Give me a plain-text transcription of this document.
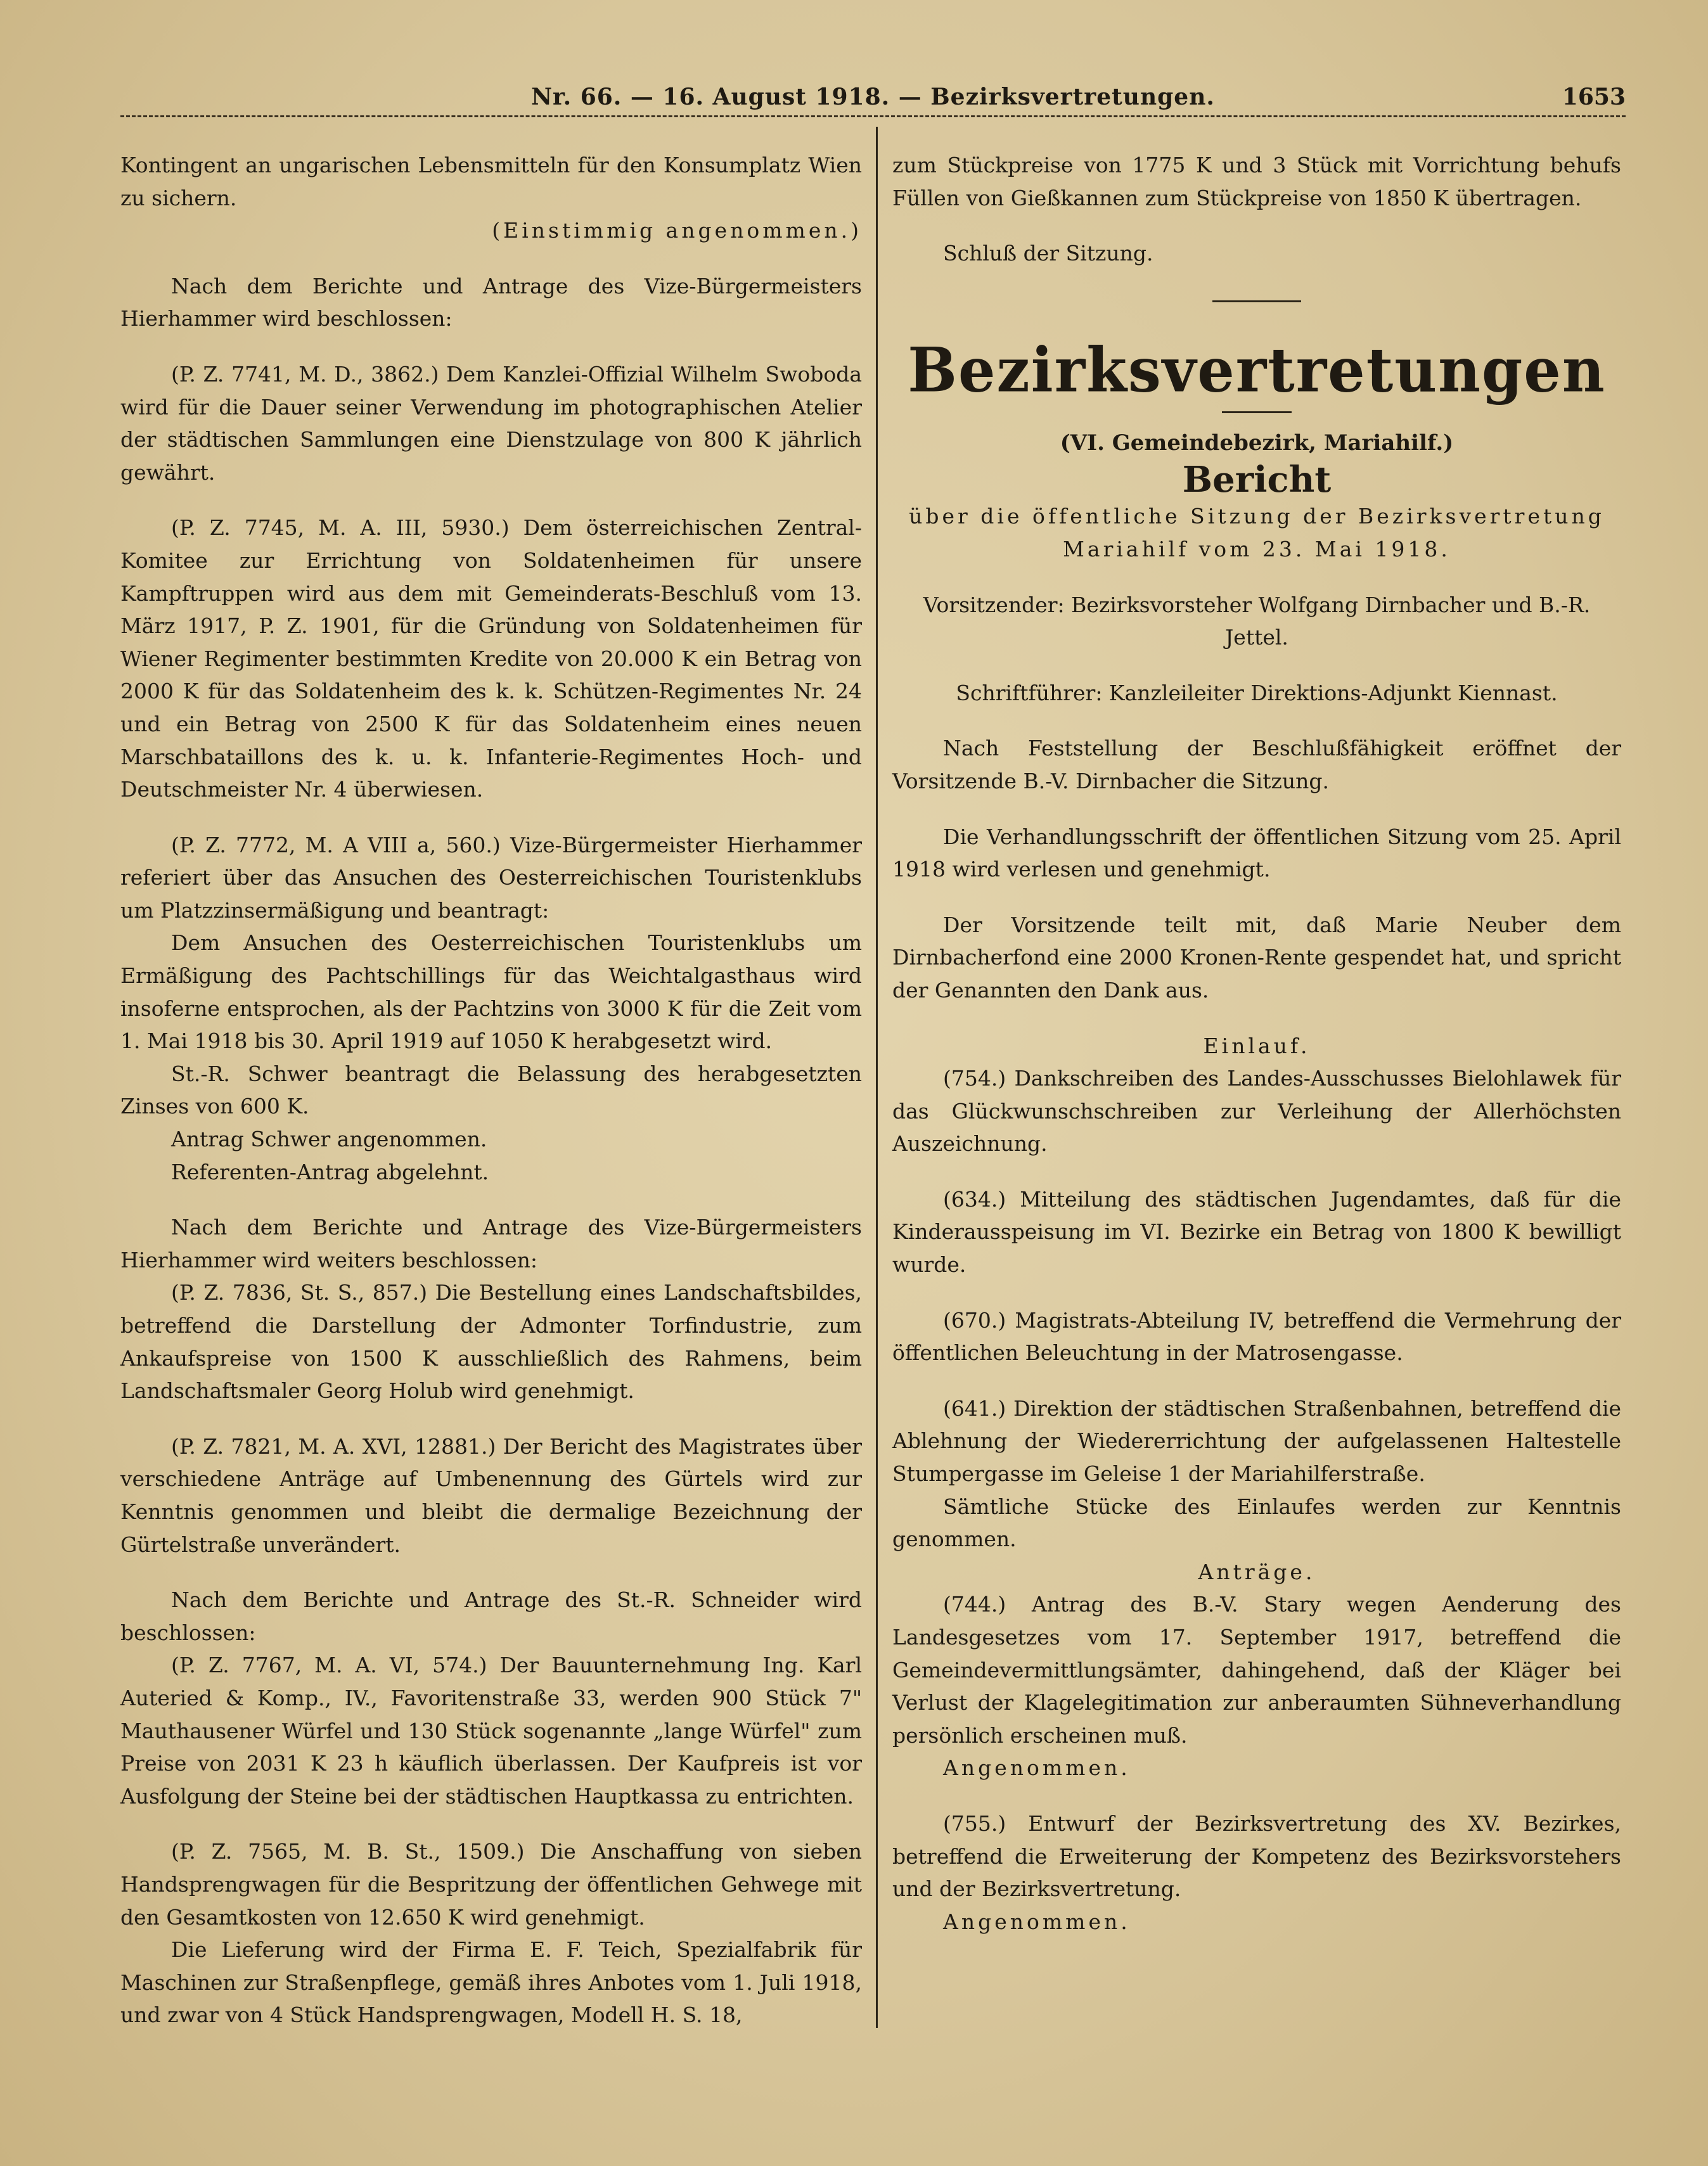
Nr. 66. — 16. August 1918. — Bezirksvertretungen.	1653

Kontingent an ungarischen Lebensmitteln für den Konsumplatz Wien zu sichern.

(Einstimmig angenommen.)

Nach dem Berichte und Antrage des Vize-Bürgermeisters Hierhammer wird beschlossen:

(P. Z. 7741, M. D., 3862.) Dem Kanzlei-Offizial Wilhelm Swoboda wird für die Dauer seiner Verwendung im photographischen Atelier der städtischen Sammlungen eine Dienstzulage von 800 K jährlich gewährt.

(P. Z. 7745, M. A. III, 5930.) Dem österreichischen Zentral-Komitee zur Errichtung von Soldatenheimen für unsere Kampftruppen wird aus dem mit Gemeinderats-Beschluß vom 13. März 1917, P. Z. 1901, für die Gründung von Soldatenheimen für Wiener Regimenter bestimmten Kredite von 20.000 K ein Betrag von 2000 K für das Soldatenheim des k. k. Schützen-Regimentes Nr. 24 und ein Betrag von 2500 K für das Soldatenheim eines neuen Marschbataillons des k. u. k. Infanterie-Regimentes Hoch- und Deutschmeister Nr. 4 überwiesen.

(P. Z. 7772, M. A VIII a, 560.) Vize-Bürgermeister Hierhammer referiert über das Ansuchen des Oesterreichischen Touristenklubs um Platzzinsermäßigung und beantragt:

Dem Ansuchen des Oesterreichischen Touristenklubs um Ermäßigung des Pachtschillings für das Weichtalgasthaus wird insoferne entsprochen, als der Pachtzins von 3000 K für die Zeit vom 1. Mai 1918 bis 30. April 1919 auf 1050 K herabgesetzt wird.

St.-R. Schwer beantragt die Belassung des herabgesetzten Zinses von 600 K.

Antrag Schwer angenommen.

Referenten-Antrag abgelehnt.

Nach dem Berichte und Antrage des Vize-Bürgermeisters Hierhammer wird weiters beschlossen:

(P. Z. 7836, St. S., 857.) Die Bestellung eines Landschaftsbildes, betreffend die Darstellung der Admonter Torfindustrie, zum Ankaufspreise von 1500 K ausschließlich des Rahmens, beim Landschaftsmaler Georg Holub wird genehmigt.

(P. Z. 7821, M. A. XVI, 12881.) Der Bericht des Magistrates über verschiedene Anträge auf Umbenennung des Gürtels wird zur Kenntnis genommen und bleibt die dermalige Bezeichnung der Gürtelstraße unverändert.

Nach dem Berichte und Antrage des St.-R. Schneider wird beschlossen:

(P. Z. 7767, M. A. VI, 574.) Der Bauunternehmung Ing. Karl Auteried & Komp., IV., Favoritenstraße 33, werden 900 Stück 7" Mauthausener Würfel und 130 Stück sogenannte „lange Würfel" zum Preise von 2031 K 23 h käuflich überlassen. Der Kaufpreis ist vor Ausfolgung der Steine bei der städtischen Hauptkassa zu entrichten.

(P. Z. 7565, M. B. St., 1509.) Die Anschaffung von sieben Handsprengwagen für die Bespritzung der öffentlichen Gehwege mit den Gesamtkosten von 12.650 K wird genehmigt.

Die Lieferung wird der Firma E. F. Teich, Spezialfabrik für Maschinen zur Straßenpflege, gemäß ihres Anbotes vom 1. Juli 1918, und zwar von 4 Stück Handsprengwagen, Modell H. S. 18,

zum Stückpreise von 1775 K und 3 Stück mit Vorrichtung behufs Füllen von Gießkannen zum Stückpreise von 1850 K übertragen.

Schluß der Sitzung.

Bezirksvertretungen
(VI. Gemeindebezirk, Mariahilf.)
Bericht

über die öffentliche Sitzung der Bezirksvertretung Mariahilf vom 23. Mai 1918.

Vorsitzender: Bezirksvorsteher Wolfgang Dirnbacher und B.-R. Jettel.

Schriftführer: Kanzleileiter Direktions-Adjunkt Kiennast.

Nach Feststellung der Beschlußfähigkeit eröffnet der Vorsitzende B.-V. Dirnbacher die Sitzung.

Die Verhandlungsschrift der öffentlichen Sitzung vom 25. April 1918 wird verlesen und genehmigt.

Der Vorsitzende teilt mit, daß Marie Neuber dem Dirnbacherfond eine 2000 Kronen-Rente gespendet hat, und spricht der Genannten den Dank aus.

Einlauf.

(754.) Dankschreiben des Landes-Ausschusses Bielohlawek für das Glückwunschschreiben zur Verleihung der Allerhöchsten Auszeichnung.

(634.) Mitteilung des städtischen Jugendamtes, daß für die Kinderausspeisung im VI. Bezirke ein Betrag von 1800 K bewilligt wurde.

(670.) Magistrats-Abteilung IV, betreffend die Vermehrung der öffentlichen Beleuchtung in der Matrosengasse.

(641.) Direktion der städtischen Straßenbahnen, betreffend die Ablehnung der Wiedererrichtung der aufgelassenen Haltestelle Stumpergasse im Geleise 1 der Mariahilferstraße.

Sämtliche Stücke des Einlaufes werden zur Kenntnis genommen.

Anträge.

(744.) Antrag des B.-V. Stary wegen Aenderung des Landesgesetzes vom 17. September 1917, betreffend die Gemeindevermittlungsämter, dahingehend, daß der Kläger bei Verlust der Klagelegitimation zur anberaumten Sühneverhandlung persönlich erscheinen muß.

Angenommen.

(755.) Entwurf der Bezirksvertretung des XV. Bezirkes, betreffend die Erweiterung der Kompetenz des Bezirksvorstehers und der Bezirksvertretung.

Angenommen.
